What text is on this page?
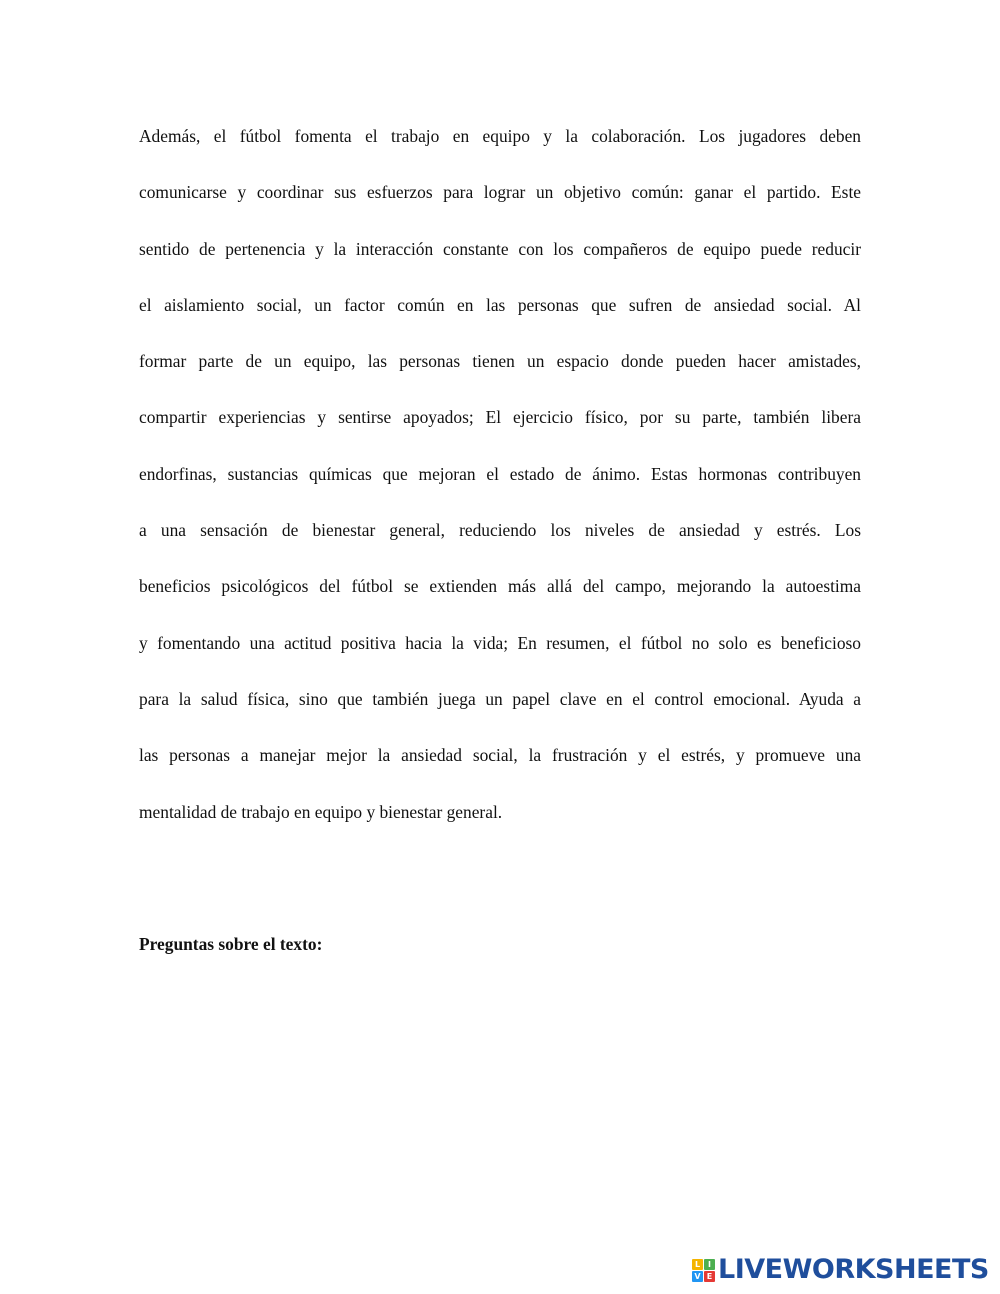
Además, el fútbol fomenta el trabajo en equipo y la colaboración. Los jugadores deben
comunicarse y coordinar sus esfuerzos para lograr un objetivo común: ganar el partido. Este
sentido de pertenencia y la interacción constante con los compañeros de equipo puede reducir
el aislamiento social, un factor común en las personas que sufren de ansiedad social. Al
formar parte de un equipo, las personas tienen un espacio donde pueden hacer amistades,
compartir experiencias y sentirse apoyados; El ejercicio físico, por su parte, también libera
endorfinas, sustancias químicas que mejoran el estado de ánimo. Estas hormonas contribuyen
a una sensación de bienestar general, reduciendo los niveles de ansiedad y estrés. Los
beneficios psicológicos del fútbol se extienden más allá del campo, mejorando la autoestima
y fomentando una actitud positiva hacia la vida; En resumen, el fútbol no solo es beneficioso
para la salud física, sino que también juega un papel clave en el control emocional. Ayuda a
las personas a manejar mejor la ansiedad social, la frustración y el estrés, y promueve una
mentalidad de trabajo en equipo y bienestar general.
Preguntas sobre el texto:
L I
V E LIVEWORKSHEETS
